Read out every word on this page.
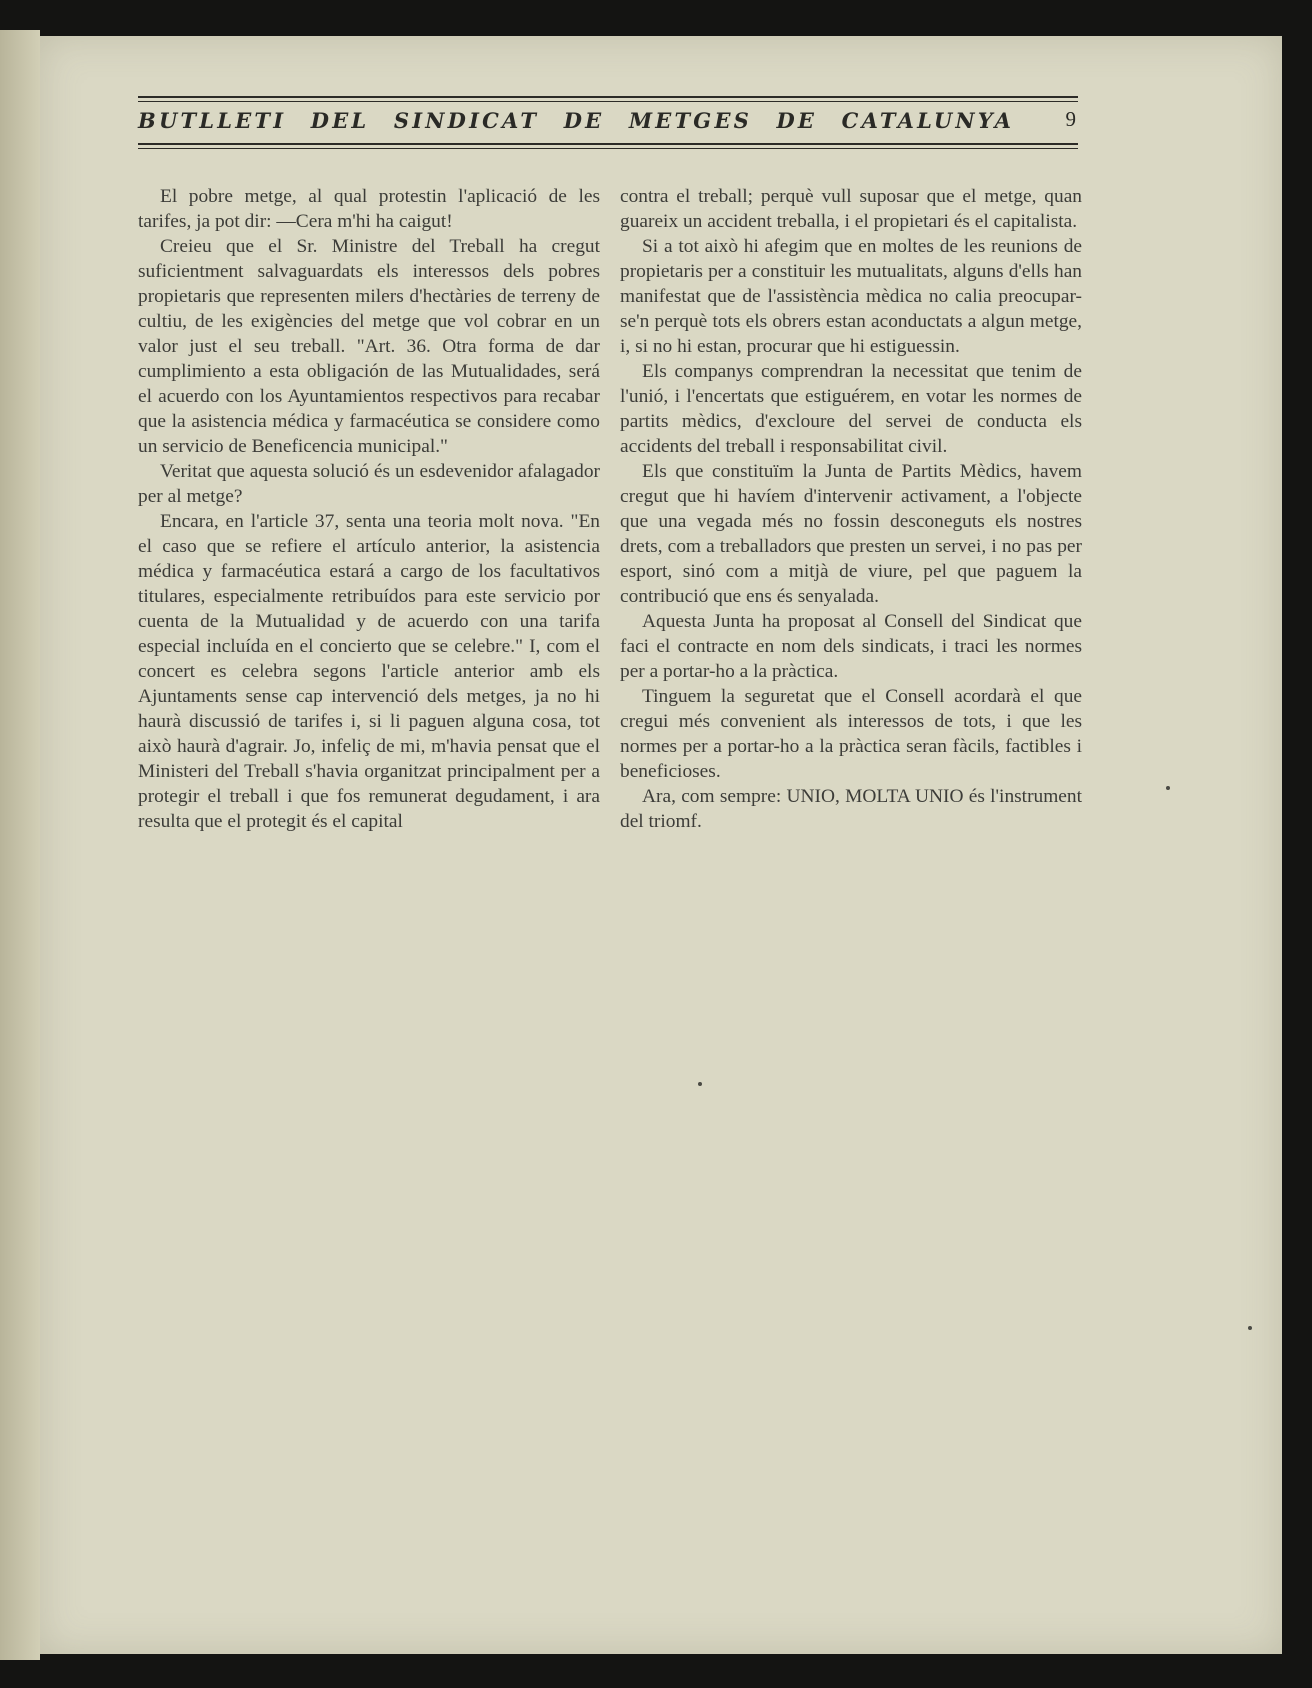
BUTLLETI DEL SINDICAT DE METGES DE CATALUNYA	9

El pobre metge, al qual protestin l'aplicació de les tarifes, ja pot dir: —Cera m'hi ha caigut!

Creieu que el Sr. Ministre del Treball ha cregut suficientment salvaguardats els interessos dels pobres propietaris que representen milers d'hectàries de terreny de cultiu, de les exigències del metge que vol cobrar en un valor just el seu treball. "Art. 36. Otra forma de dar cumplimiento a esta obligación de las Mutualidades, será el acuerdo con los Ayuntamientos respectivos para recabar que la asistencia médica y farmacéutica se considere como un servicio de Beneficencia municipal."

Veritat que aquesta solució és un esdevenidor afalagador per al metge?

Encara, en l'article 37, senta una teoria molt nova. "En el caso que se refiere el artículo anterior, la asistencia médica y farmacéutica estará a cargo de los facultativos titulares, especialmente retribuídos para este servicio por cuenta de la Mutualidad y de acuerdo con una tarifa especial incluída en el concierto que se celebre." I, com el concert es celebra segons l'article anterior amb els Ajuntaments sense cap intervenció dels metges, ja no hi haurà discussió de tarifes i, si li paguen alguna cosa, tot això haurà d'agrair. Jo, infeliç de mi, m'havia pensat que el Ministeri del Treball s'havia organitzat principalment per a protegir el treball i que fos remunerat degudament, i ara resulta que el protegit és el capital

contra el treball; perquè vull suposar que el metge, quan guareix un accident treballa, i el propietari és el capitalista.

Si a tot això hi afegim que en moltes de les reunions de propietaris per a constituir les mutualitats, alguns d'ells han manifestat que de l'assistència mèdica no calia preocupar-se'n perquè tots els obrers estan aconductats a algun metge, i, si no hi estan, procurar que hi estiguessin.

Els companys comprendran la necessitat que tenim de l'unió, i l'encertats que estiguérem, en votar les normes de partits mèdics, d'excloure del servei de conducta els accidents del treball i responsabilitat civil.

Els que constituïm la Junta de Partits Mèdics, havem cregut que hi havíem d'intervenir activament, a l'objecte que una vegada més no fossin desconeguts els nostres drets, com a treballadors que presten un servei, i no pas per esport, sinó com a mitjà de viure, pel que paguem la contribució que ens és senyalada.

Aquesta Junta ha proposat al Consell del Sindicat que faci el contracte en nom dels sindicats, i traci les normes per a portar-ho a la pràctica.

Tinguem la seguretat que el Consell acordarà el que cregui més convenient als interessos de tots, i que les normes per a portar-ho a la pràctica seran fàcils, factibles i beneficioses.

Ara, com sempre: UNIO, MOLTA UNIO és l'instrument del triomf.
